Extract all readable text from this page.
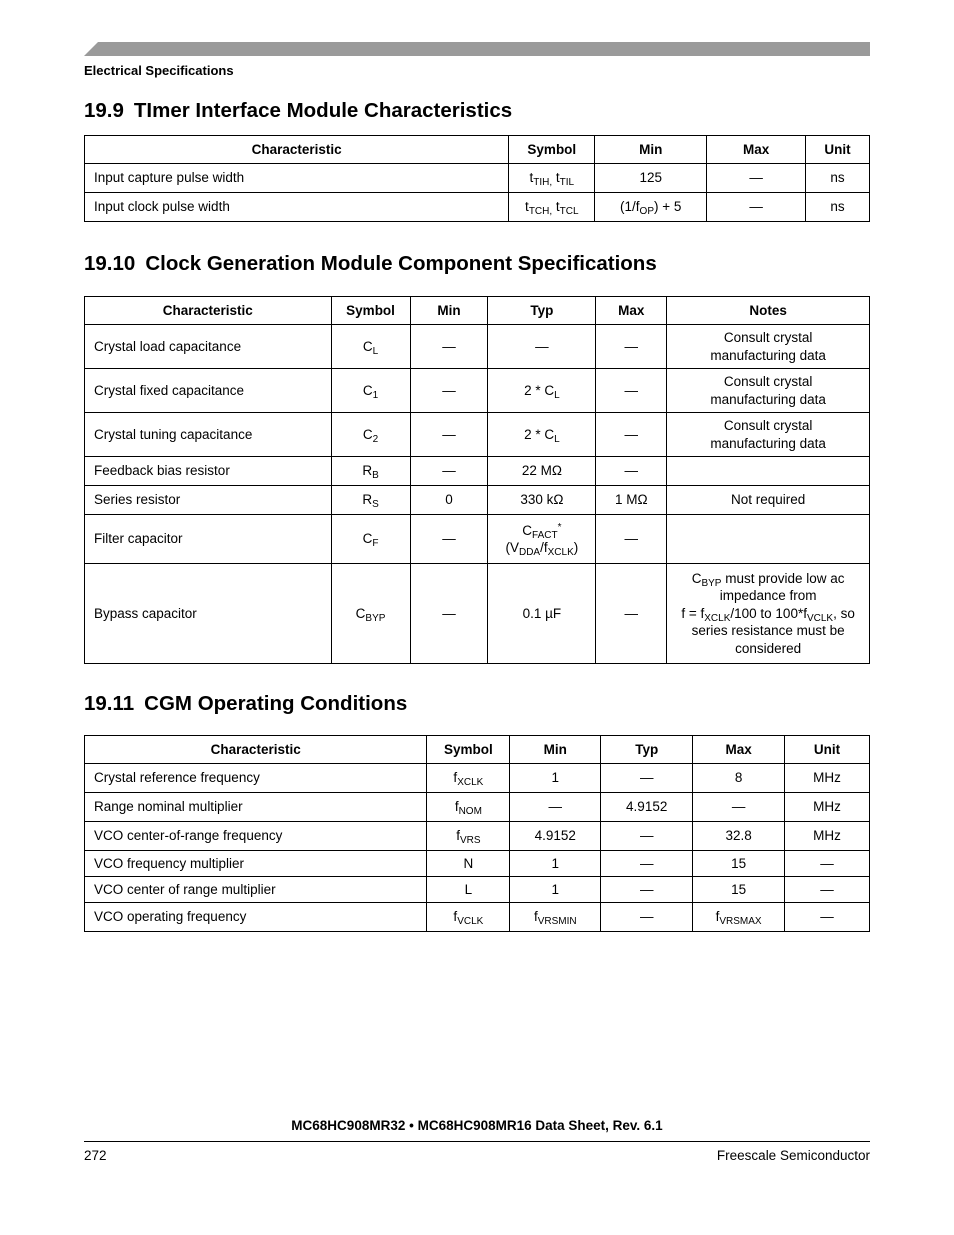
Electrical Specifications
19.9 TImer Interface Module Characteristics
Characteristic	Symbol	Min	Max	Unit
Input capture pulse width	$t_{TIH,}$ $t_{TIL}$	125	—	ns
Input clock pulse width	$t_{TCH,}$ $t_{TCL}$	$(1/f_{OP}) + 5$	—	ns
19.10 Clock Generation Module Component Specifications
Characteristic	Symbol	Min	Typ	Max	Notes
Crystal load capacitance	$C_L$	—	—	—	Consult crystal
manufacturing data
Crystal fixed capacitance	$C_1$	—	$2 * C_L$	—	Consult crystal
manufacturing data
Crystal tuning capacitance	$C_2$	—	$2 * C_L$	—	Consult crystal
manufacturing data
Feedback bias resistor	$R_B$	—	22 MΩ	—	
Series resistor	$R_S$	0	330 kΩ	1 MΩ	Not required
Filter capacitor	$C_F$	—	$C_{FACT}^*$
$(V_{DDA}/f_{XCLK})$	—	
Bypass capacitor	$C_{BYP}$	—	0.1 µF	—	$C_{BYP}$ must provide low ac
impedance from
$f = f_{XCLK}/100$ to $100*f_{VCLK}$, so
series resistance must be
considered
19.11 CGM Operating Conditions
Characteristic	Symbol	Min	Typ	Max	Unit
Crystal reference frequency	$f_{XCLK}$	1	—	8	MHz
Range nominal multiplier	$f_{NOM}$	—	4.9152	—	MHz
VCO center-of-range frequency	$f_{VRS}$	4.9152	—	32.8	MHz
VCO frequency multiplier	N	1	—	15	—
VCO center of range multiplier	L	1	—	15	—
VCO operating frequency	$f_{VCLK}$	$f_{VRSMIN}$	—	$f_{VRSMAX}$	—
MC68HC908MR32 • MC68HC908MR16 Data Sheet, Rev. 6.1
272	Freescale Semiconductor
